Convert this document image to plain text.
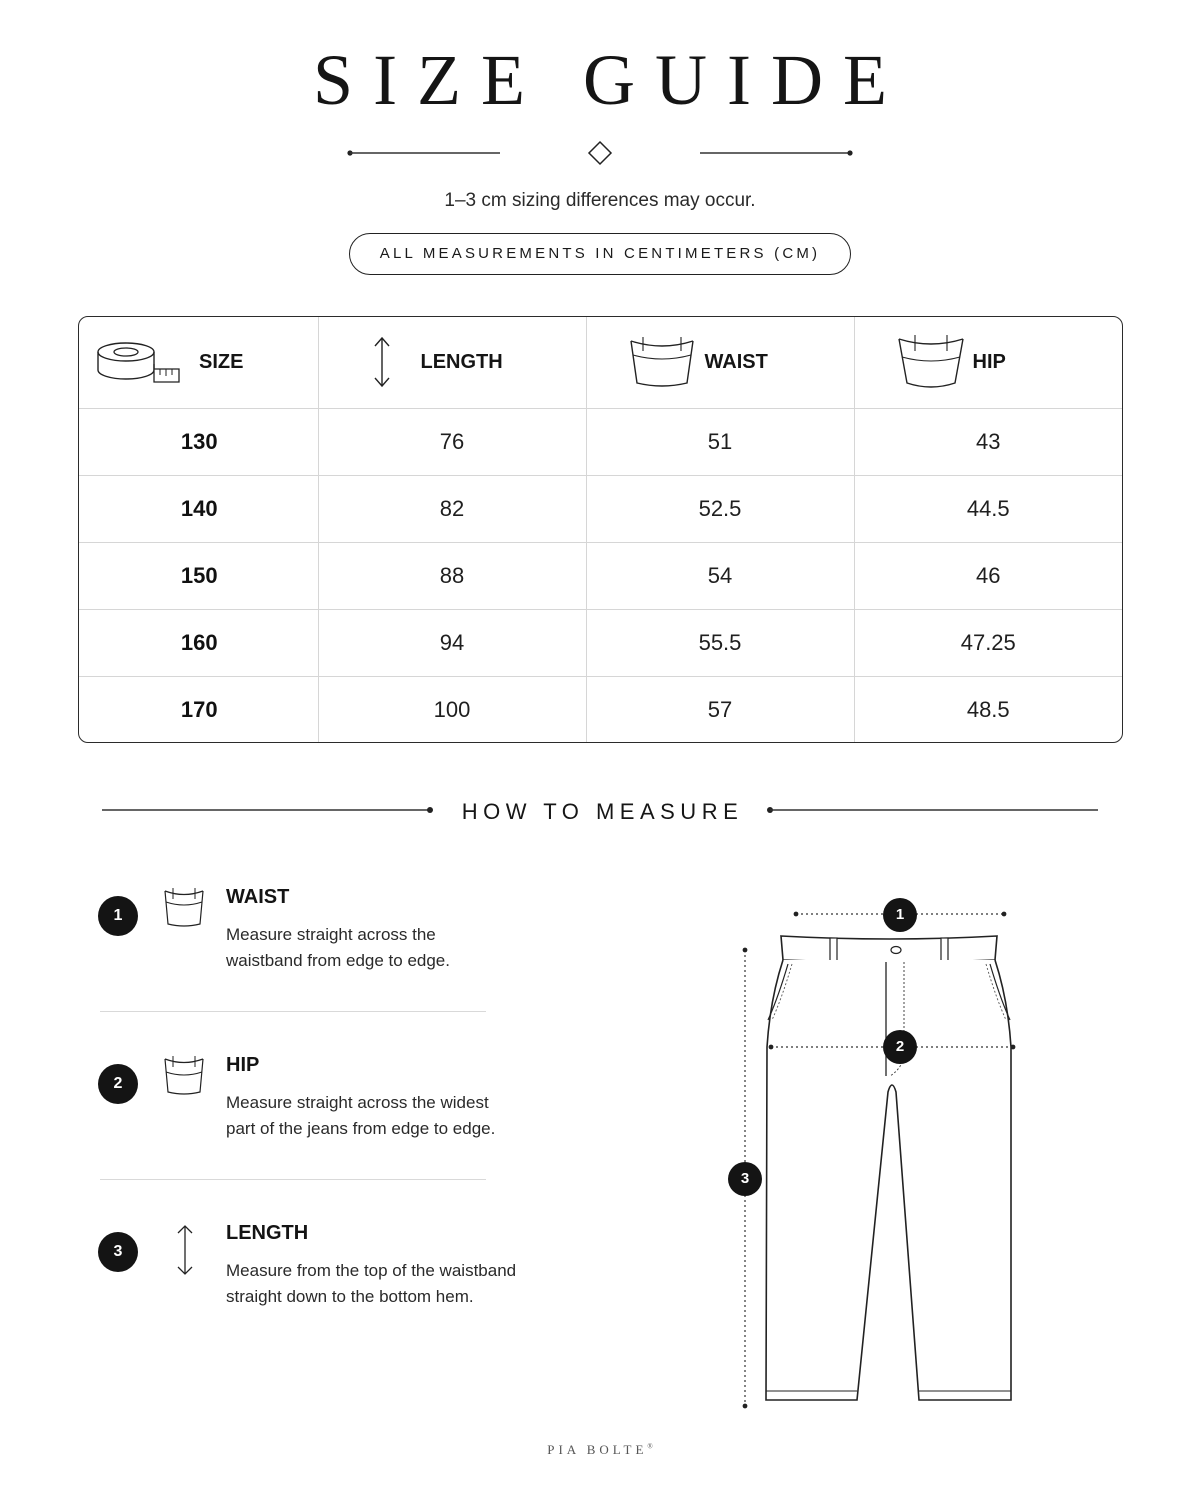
SIZE GUIDE
1–3 cm sizing differences may occur.
ALL MEASUREMENTS IN CENTIMETERS (CM)
SIZE	LENGTH	WAIST	HIP

130	76	51	43
140	82	52.5	44.5
150	88	54	46
160	94	55.5	47.25
170	100	57	48.5
HOW TO MEASURE
1
WAIST
Measure straight across the
waistband from edge to edge.
2
HIP
Measure straight across the widest
part of the jeans from edge to edge.
3
LENGTH
Measure from the top of the waistband
straight down to the bottom hem.
1
2
3
PIA BOLTE®
